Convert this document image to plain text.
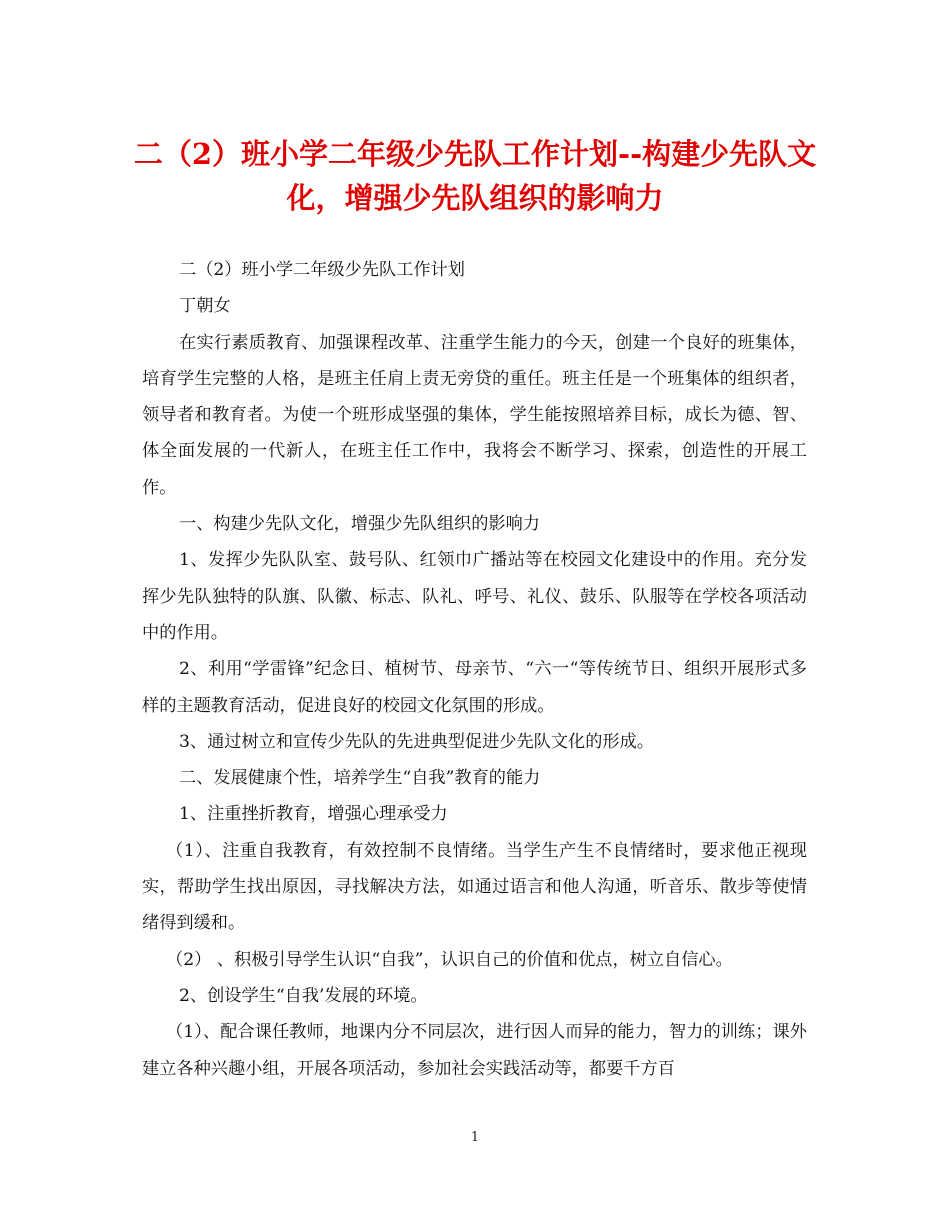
二（2）班小学二年级少先队工作计划--构建少先队文化，增强少先队组织的影响力

二（2）班小学二年级少先队工作计划

丁朝女

在实行素质教育、加强课程改革、注重学生能力的今天，创建一个良好的班集体，培育学生完整的人格，是班主任肩上责无旁贷的重任。班主任是一个班集体的组织者，领导者和教育者。为使一个班形成坚强的集体，学生能按照培养目标，成长为德、智、体全面发展的一代新人，在班主任工作中，我将会不断学习、探索，创造性的开展工作。

一、构建少先队文化，增强少先队组织的影响力

1、发挥少先队队室、鼓号队、红领巾广播站等在校园文化建设中的作用。充分发挥少先队独特的队旗、队徽、标志、队礼、呼号、礼仪、鼓乐、队服等在学校各项活动中的作用。

2、利用“学雷锋”纪念日、植树节、母亲节、“六一“等传统节日、组织开展形式多样的主题教育活动，促进良好的校园文化氛围的形成。

3、通过树立和宣传少先队的先进典型促进少先队文化的形成。

二、发展健康个性，培养学生“自我”教育的能力

1、注重挫折教育，增强心理承受力

（1）、注重自我教育，有效控制不良情绪。当学生产生不良情绪时，要求他正视现实，帮助学生找出原因，寻找解决方法，如通过语言和他人沟通，听音乐、散步等使情绪得到缓和。

（2） 、积极引导学生认识“自我”，认识自己的价值和优点，树立自信心。

2、创设学生“自我’发展的环境。

（1）、配合课任教师，地课内分不同层次，进行因人而异的能力，智力的训练；课外建立各种兴趣小组，开展各项活动，参加社会实践活动等，都要千方百

1
